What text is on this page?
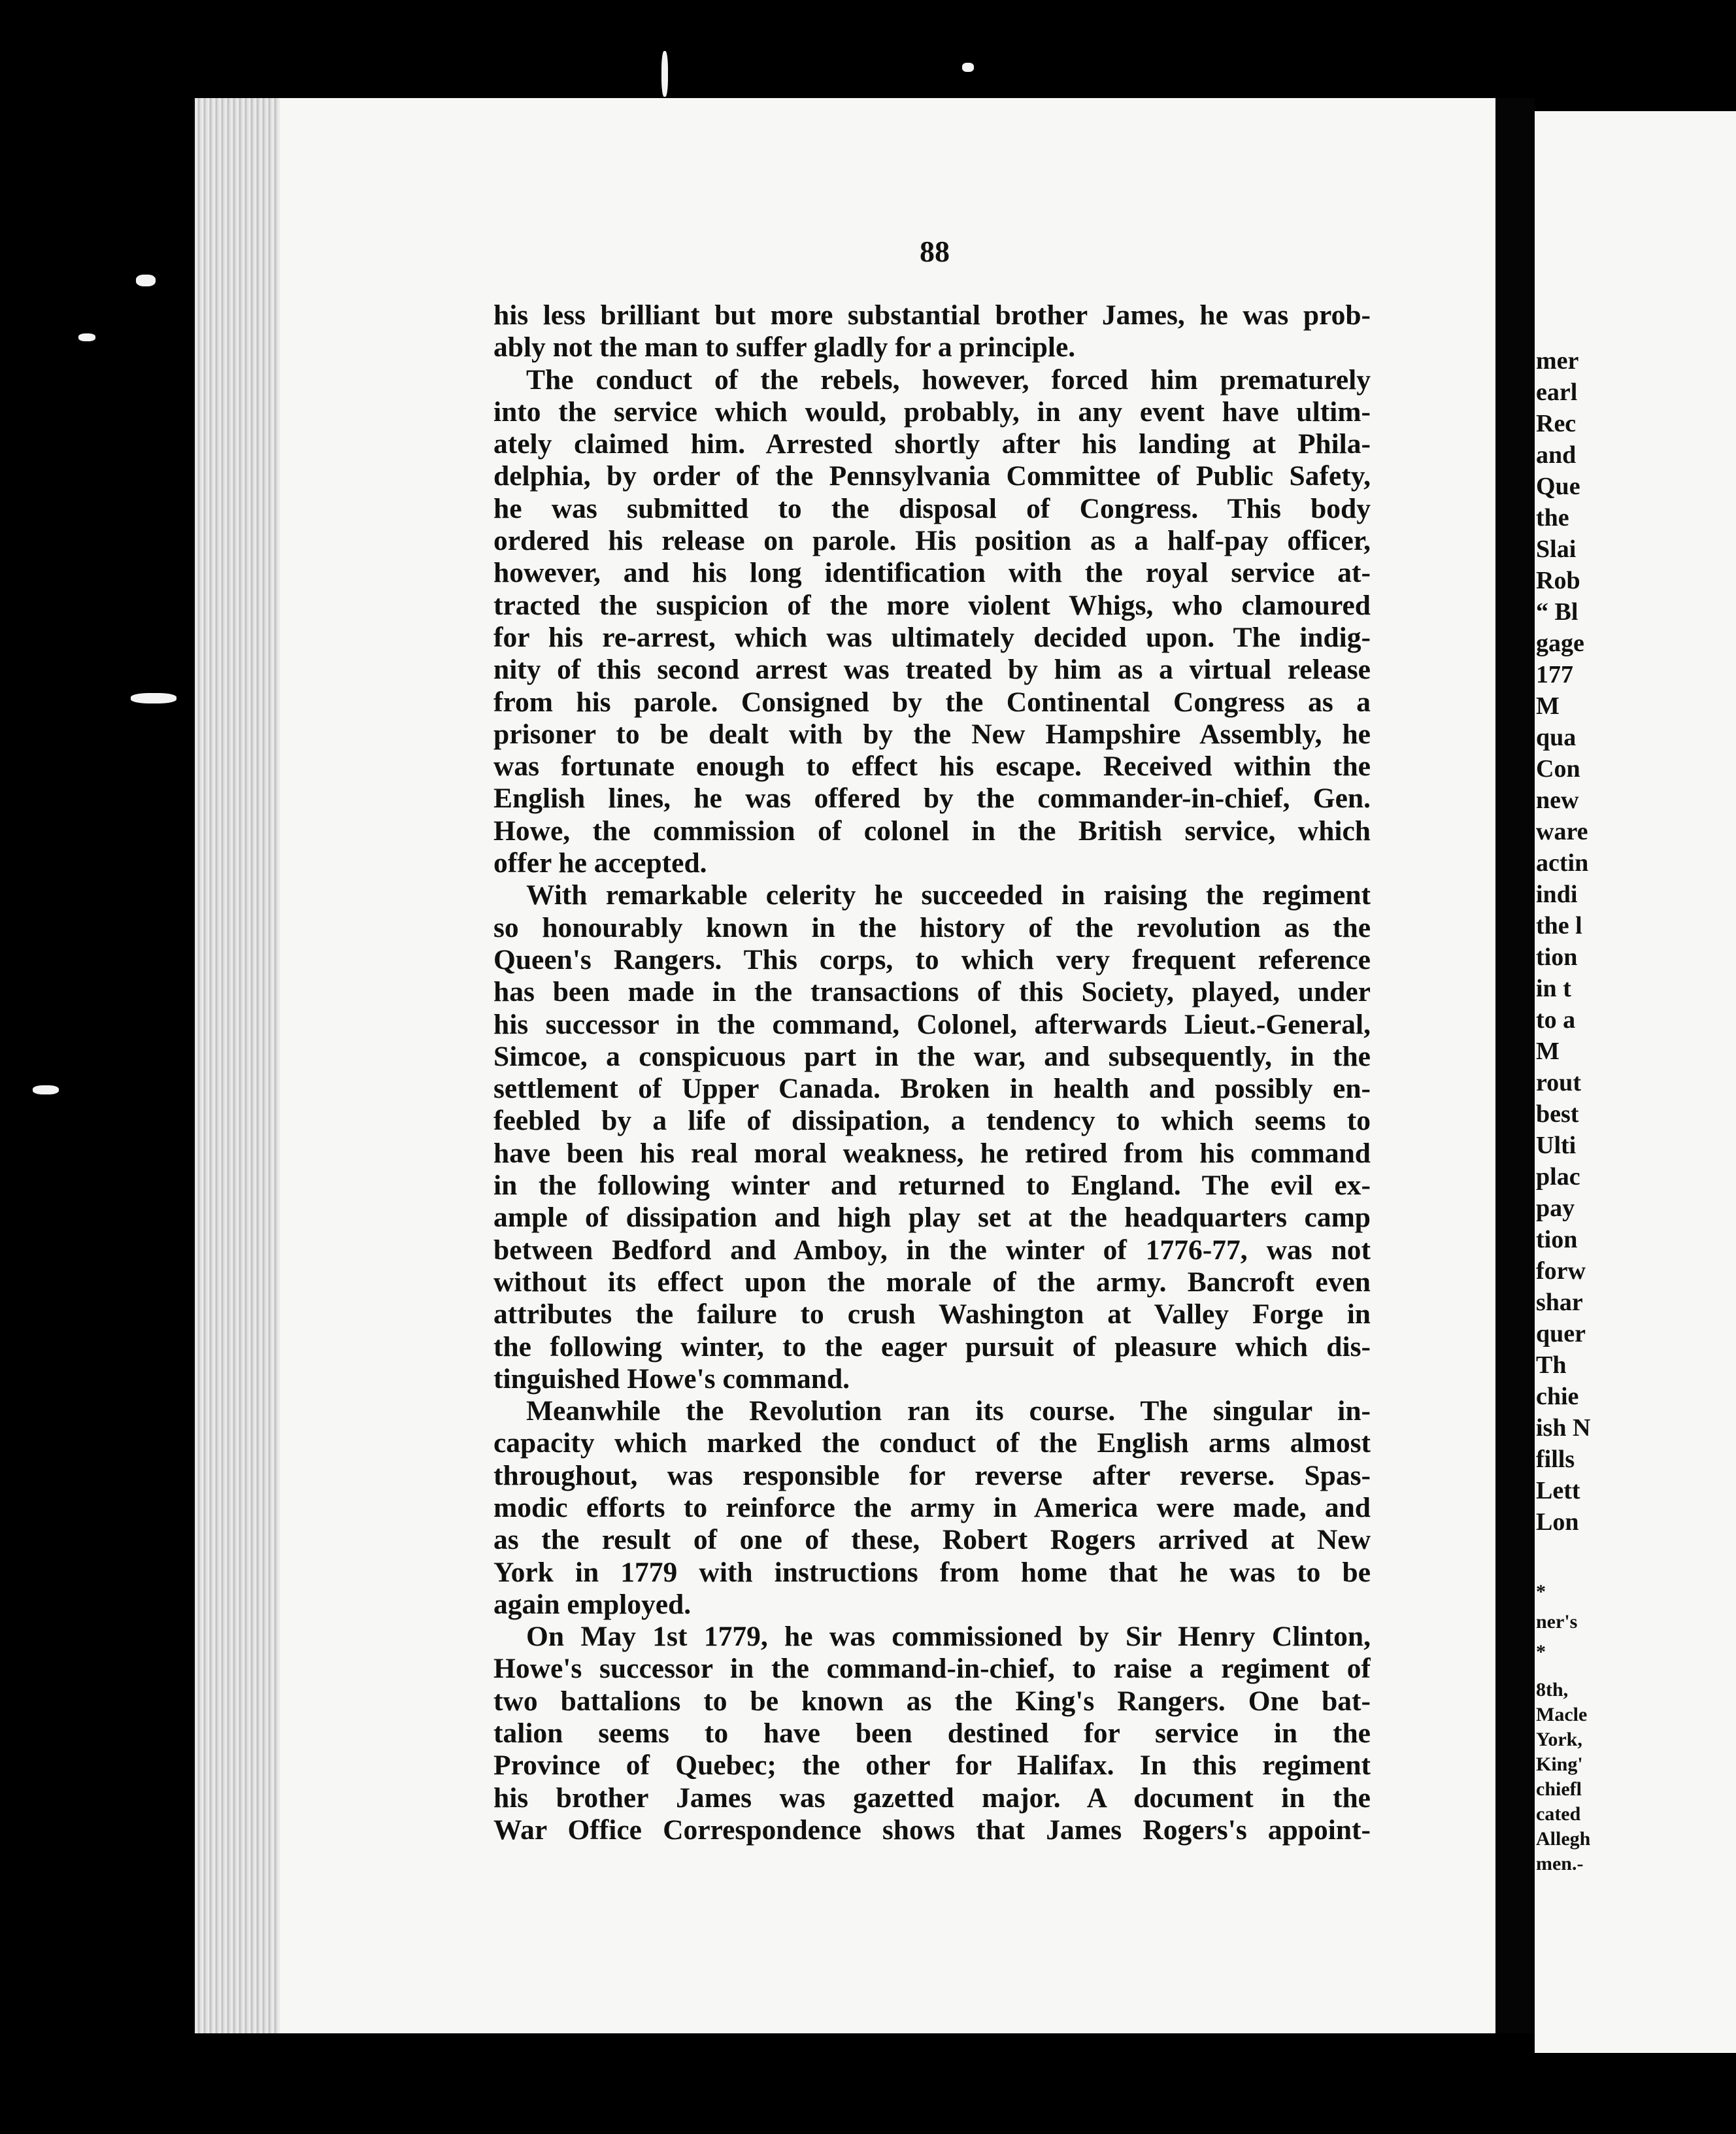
mer

earl

Rec

and

Que

the

Slai

Rob

“ Bl

gage

177

M

qua

Con

new

ware

actin

indi

the l

tion

in t

to a

M

rout

best

Ulti

plac

pay

tion

forw

shar

quer

Th

chie

ish N

fills

Lett

Lon

*

ner's

*

8th,

Macle

York,

King'

chiefl

cated

Allegh

men.-

88

his less brilliant but more substantial brother James, he was prob-

ably not the man to suffer gladly for a principle.

The conduct of the rebels, however, forced him prematurely

into the service which would, probably, in any event have ultim-

ately claimed him. Arrested shortly after his landing at Phila-

delphia, by order of the Pennsylvania Committee of Public Safety,

he was submitted to the disposal of Congress. This body

ordered his release on parole. His position as a half-pay officer,

however, and his long identification with the royal service at-

tracted the suspicion of the more violent Whigs, who clamoured

for his re-arrest, which was ultimately decided upon. The indig-

nity of this second arrest was treated by him as a virtual release

from his parole. Consigned by the Continental Congress as a

prisoner to be dealt with by the New Hampshire Assembly, he

was fortunate enough to effect his escape. Received within the

English lines, he was offered by the commander-in-chief, Gen.

Howe, the commission of colonel in the British service, which

offer he accepted.

With remarkable celerity he succeeded in raising the regiment

so honourably known in the history of the revolution as the

Queen's Rangers. This corps, to which very frequent reference

has been made in the transactions of this Society, played, under

his successor in the command, Colonel, afterwards Lieut.-General,

Simcoe, a conspicuous part in the war, and subsequently, in the

settlement of Upper Canada. Broken in health and possibly en-

feebled by a life of dissipation, a tendency to which seems to

have been his real moral weakness, he retired from his command

in the following winter and returned to England. The evil ex-

ample of dissipation and high play set at the headquarters camp

between Bedford and Amboy, in the winter of 1776-77, was not

without its effect upon the morale of the army. Bancroft even

attributes the failure to crush Washington at Valley Forge in

the following winter, to the eager pursuit of pleasure which dis-

tinguished Howe's command.

Meanwhile the Revolution ran its course. The singular in-

capacity which marked the conduct of the English arms almost

throughout, was responsible for reverse after reverse. Spas-

modic efforts to reinforce the army in America were made, and

as the result of one of these, Robert Rogers arrived at New

York in 1779 with instructions from home that he was to be

again employed.

On May 1st 1779, he was commissioned by Sir Henry Clinton,

Howe's successor in the command-in-chief, to raise a regiment of

two battalions to be known as the King's Rangers. One bat-

talion seems to have been destined for service in the

Province of Quebec; the other for Halifax. In this regiment

his brother James was gazetted major. A document in the

War Office Correspondence shows that James Rogers's appoint-
